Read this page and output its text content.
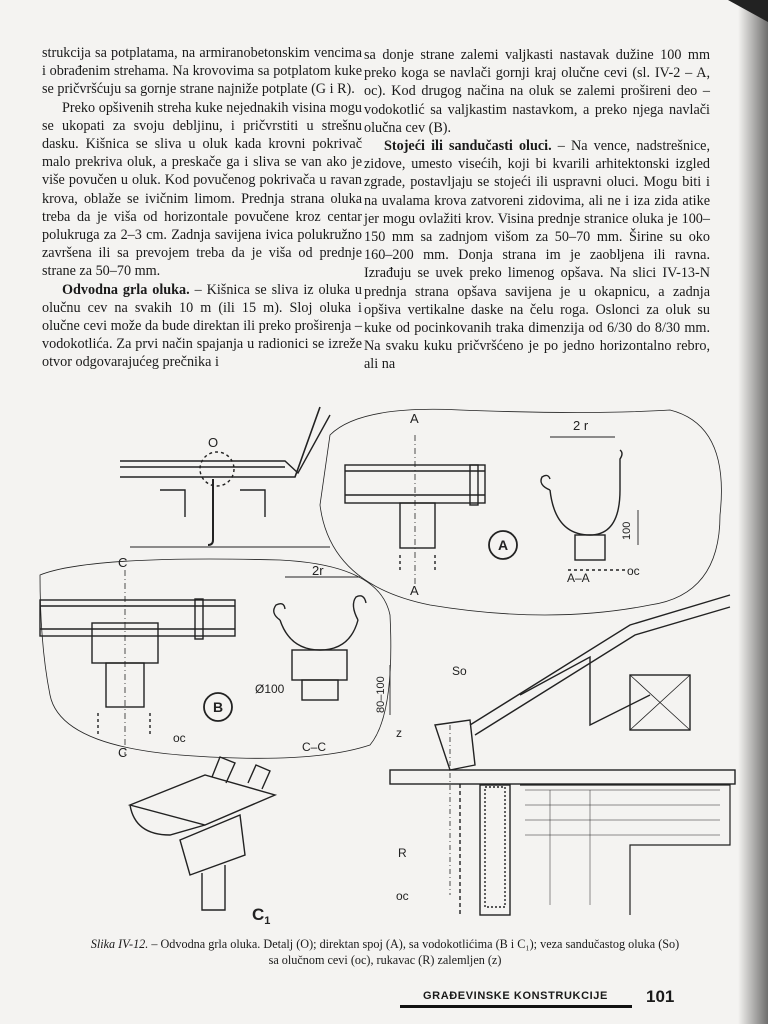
strukcija sa potplatama, na armiranobetonskim vencima i obrađenim strehama. Na krovovima sa potplatom kuke se pričvršćuju sa gornje strane najniže potplate (G i R).

Preko opšivenih streha kuke nejednakih visina mogu se ukopati za svoju debljinu, i pričvrstiti u strešnu dasku. Kišnica se sliva u oluk kada krovni pokrivač malo prekriva oluk, a preskače ga i sliva se van ako je više povučen u oluk. Kod povučenog pokrivača u ravan krova, oblaže se ivičnim limom. Prednja strana oluka treba da je viša od horizontale povučene kroz centar polukruga za 2–3 cm. Zadnja savijena ivica polukružno završena ili sa prevojem treba da je viša od prednje strane za 50–70 mm.

Odvodna grla oluka. – Kišnica se sliva iz oluka u olučnu cev na svakih 10 m (ili 15 m). Sloj oluka i olučne cevi može da bude direktan ili preko proširenja – vodokotlića. Za prvi način spajanja u radionici se izreže otvor odgovarajućeg prečnika i

sa donje strane zalemi valjkasti nastavak dužine 100 mm preko koga se navlači gornji kraj olučne cevi (sl. IV-2 – A, oc). Kod drugog načina na oluk se zalemi prošireni deo – vodokotlić sa valjkastim nastavkom, a preko njega navlači olučna cev (B).

Stojeći ili sandučasti oluci. – Na vence, nadstrešnice, zidove, umesto visećih, koji bi kvarili arhitektonski izgled zgrade, postavljaju se stojeći ili uspravni oluci. Mogu biti i na uvalama krova zatvoreni zidovima, ali ne i iza zida atike jer mogu ovlažiti krov. Visina prednje stranice oluka je 100–150 mm sa zadnjom višom za 50–70 mm. Širine su oko 160–200 mm. Donja strana im je zaobljena ili ravna. Izrađuju se uvek preko limenog opšava. Na slici IV-13-N prednja strana opšava savijena je u okapnicu, a zadnja opšiva vertikalne daske na čelu roga. Oslonci za oluk su kuke od pocinkovanih traka dimenzija od 6/30 do 8/30 mm. Na svaku kuku pričvršćeno je po jedno horizontalno rebro, ali na

O
A
A
2 r
100
A
A–A	oc
C
C
2r
Ø100	80–100
B
oc
C–C
So
z
R
oc
$C_1$
Slika IV-12. – Odvodna grla oluka. Detalj (O); direktan spoj (A), sa vodokotlićima (B i C₁); veza sandučastog oluka (So) sa olučnom cevi (oc), rukavac (R) zalemljen (z)
GRAĐEVINSKE KONSTRUKCIJE 101
